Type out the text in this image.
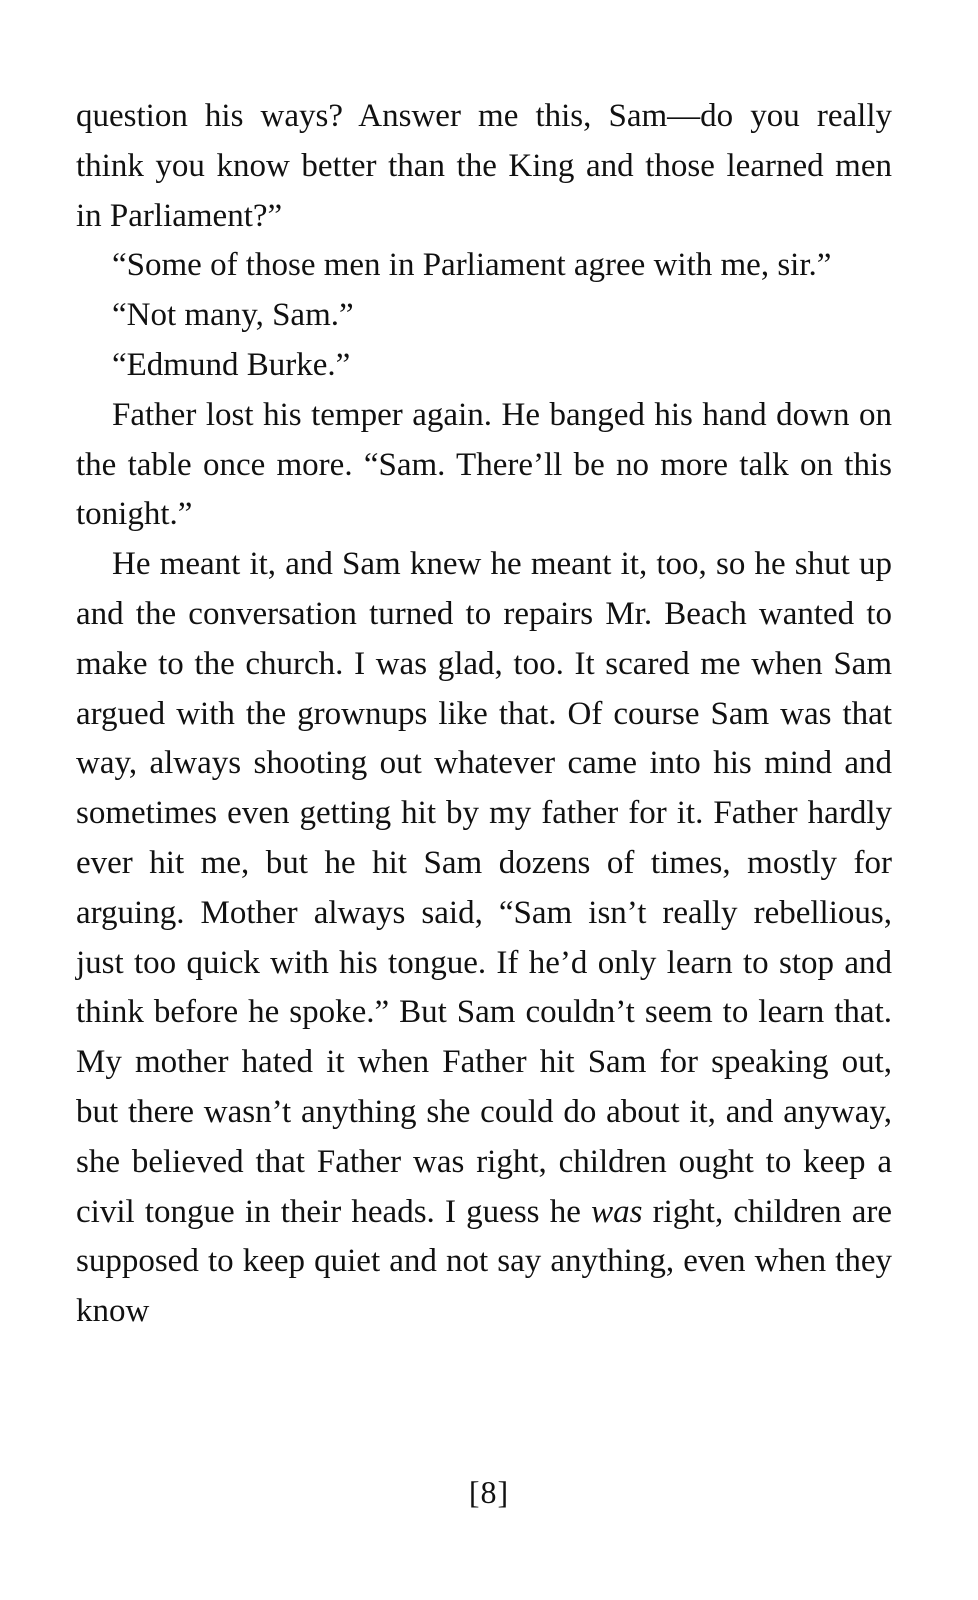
question his ways? Answer me this, Sam—do you really think you know better than the King and those learned men in Parliament?”

“Some of those men in Parliament agree with me, sir.”

“Not many, Sam.”

“Edmund Burke.”

Father lost his temper again. He banged his hand down on the table once more. “Sam. There’ll be no more talk on this tonight.”

He meant it, and Sam knew he meant it, too, so he shut up and the conversation turned to repairs Mr. Beach wanted to make to the church. I was glad, too. It scared me when Sam argued with the grownups like that. Of course Sam was that way, always shooting out whatever came into his mind and sometimes even getting hit by my father for it. Father hardly ever hit me, but he hit Sam dozens of times, mostly for arguing. Mother always said, “Sam isn’t really rebellious, just too quick with his tongue. If he’d only learn to stop and think before he spoke.” But Sam couldn’t seem to learn that. My mother hated it when Father hit Sam for speaking out, but there wasn’t anything she could do about it, and anyway, she believed that Father was right, children ought to keep a civil tongue in their heads. I guess he was right, children are supposed to keep quiet and not say anything, even when they know

[8]
